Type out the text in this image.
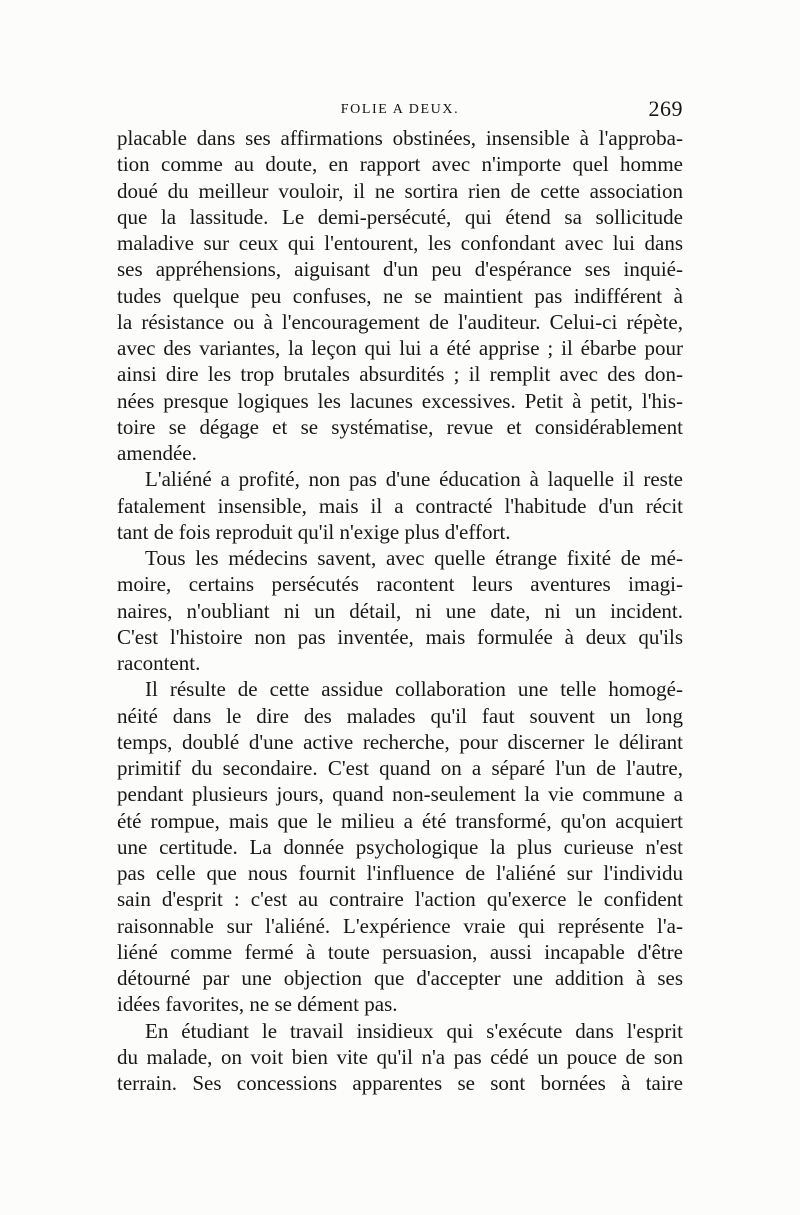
FOLIE A DEUX.	269
placable dans ses affirmations obstinées, insensible à l'approba-
tion comme au doute, en rapport avec n'importe quel homme
doué du meilleur vouloir, il ne sortira rien de cette association
que la lassitude. Le demi-persécuté, qui étend sa sollicitude
maladive sur ceux qui l'entourent, les confondant avec lui dans
ses appréhensions, aiguisant d'un peu d'espérance ses inquié-
tudes quelque peu confuses, ne se maintient pas indifférent à
la résistance ou à l'encouragement de l'auditeur. Celui-ci répète,
avec des variantes, la leçon qui lui a été apprise ; il ébarbe pour
ainsi dire les trop brutales absurdités ; il remplit avec des don-
nées presque logiques les lacunes excessives. Petit à petit, l'his-
toire se dégage et se systématise, revue et considérablement
amendée.
L'aliéné a profité, non pas d'une éducation à laquelle il reste
fatalement insensible, mais il a contracté l'habitude d'un récit
tant de fois reproduit qu'il n'exige plus d'effort.
Tous les médecins savent, avec quelle étrange fixité de mé-
moire, certains persécutés racontent leurs aventures imagi-
naires, n'oubliant ni un détail, ni une date, ni un incident.
C'est l'histoire non pas inventée, mais formulée à deux qu'ils
racontent.
Il résulte de cette assidue collaboration une telle homogé-
néité dans le dire des malades qu'il faut souvent un long
temps, doublé d'une active recherche, pour discerner le délirant
primitif du secondaire. C'est quand on a séparé l'un de l'autre,
pendant plusieurs jours, quand non-seulement la vie commune a
été rompue, mais que le milieu a été transformé, qu'on acquiert
une certitude. La donnée psychologique la plus curieuse n'est
pas celle que nous fournit l'influence de l'aliéné sur l'individu
sain d'esprit : c'est au contraire l'action qu'exerce le confident
raisonnable sur l'aliéné. L'expérience vraie qui représente l'a-
liéné comme fermé à toute persuasion, aussi incapable d'être
détourné par une objection que d'accepter une addition à ses
idées favorites, ne se dément pas.
En étudiant le travail insidieux qui s'exécute dans l'esprit
du malade, on voit bien vite qu'il n'a pas cédé un pouce de son
terrain. Ses concessions apparentes se sont bornées à taire
